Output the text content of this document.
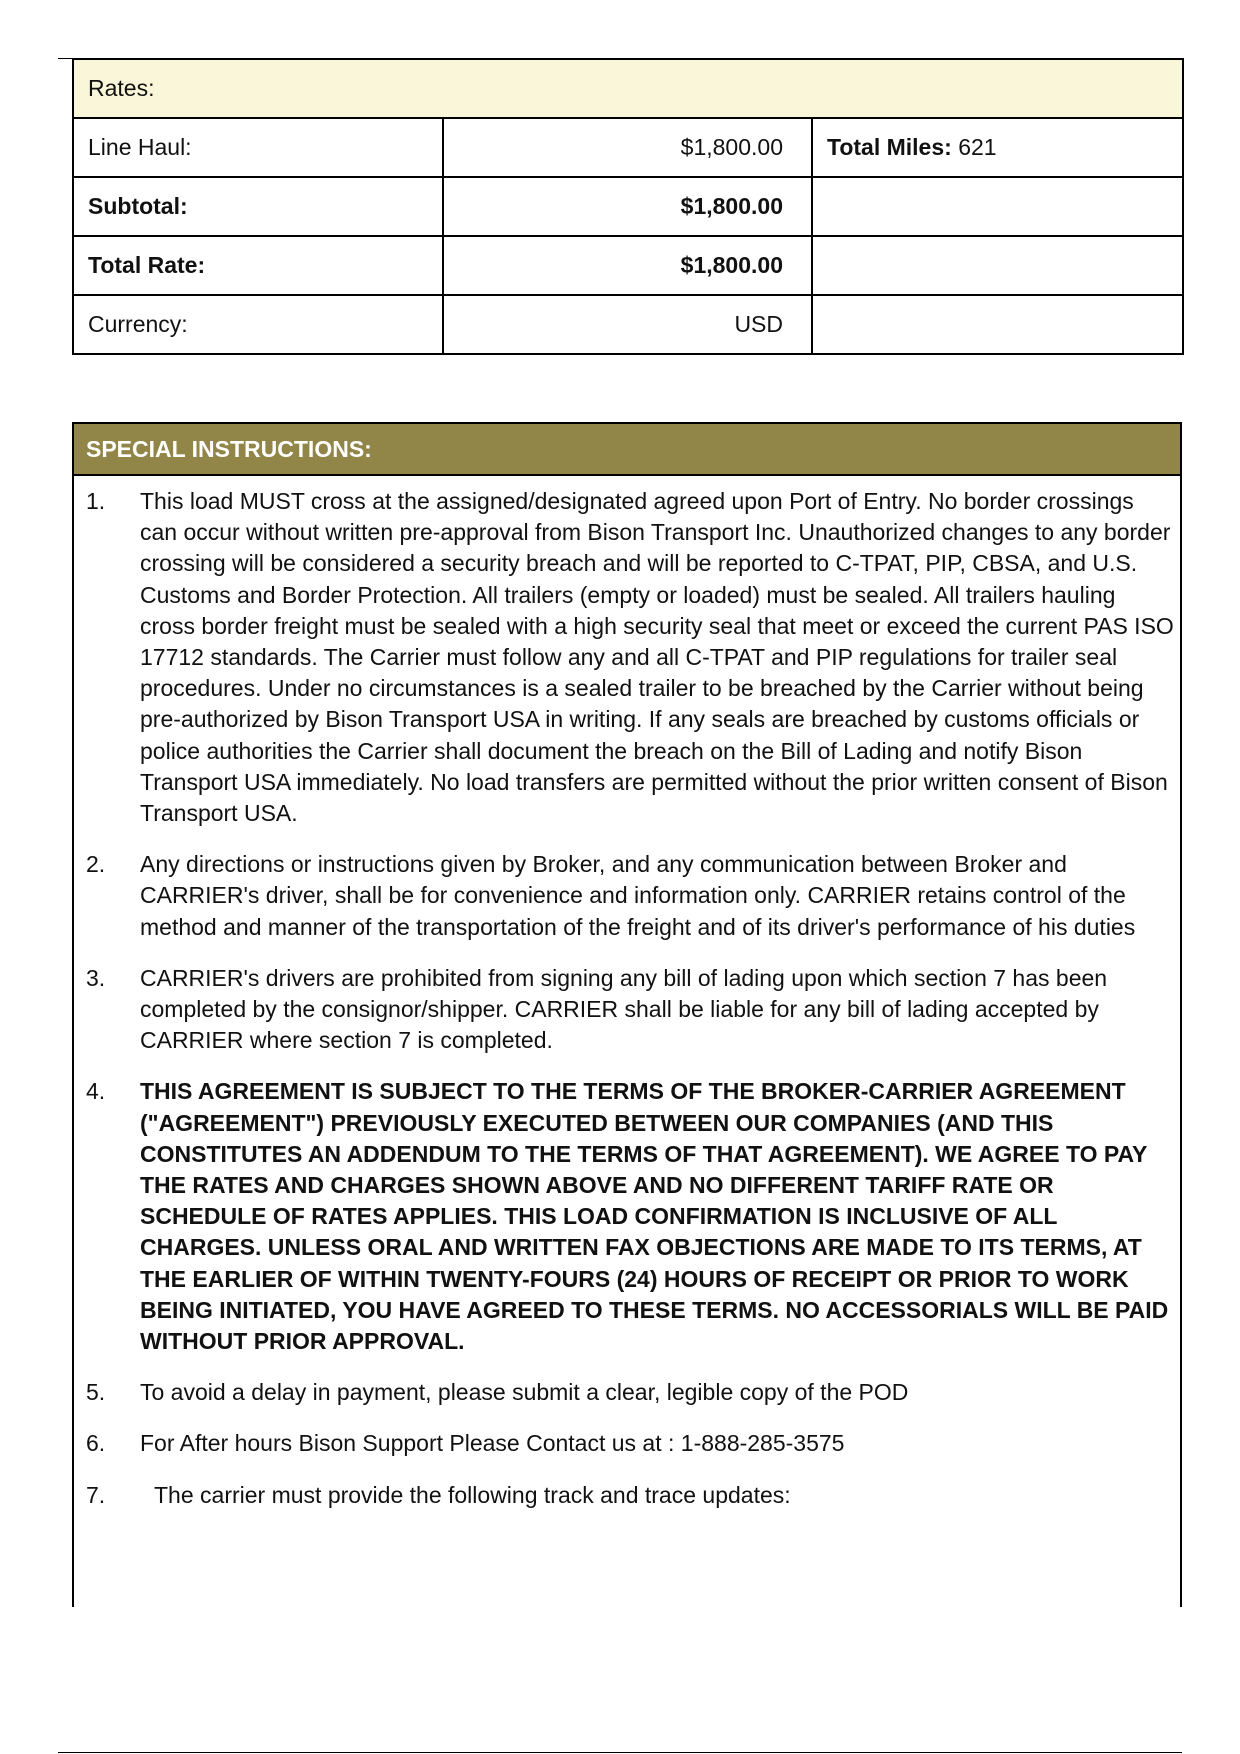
Rates:		
Line Haul:	$1,800.00	Total Miles: 621
Subtotal:	$1,800.00	
Total Rate:	$1,800.00	
Currency:	USD	
SPECIAL INSTRUCTIONS:
1. This load MUST cross at the assigned/designated agreed upon Port of Entry. No border crossings can occur without written pre-approval from Bison Transport Inc. Unauthorized changes to any border crossing will be considered a security breach and will be reported to C-TPAT, PIP, CBSA, and U.S. Customs and Border Protection. All trailers (empty or loaded) must be sealed. All trailers hauling cross border freight must be sealed with a high security seal that meet or exceed the current PAS ISO 17712 standards. The Carrier must follow any and all C-TPAT and PIP regulations for trailer seal procedures. Under no circumstances is a sealed trailer to be breached by the Carrier without being pre-authorized by Bison Transport USA in writing. If any seals are breached by customs officials or police authorities the Carrier shall document the breach on the Bill of Lading and notify Bison Transport USA immediately. No load transfers are permitted without the prior written consent of Bison Transport USA.
2. Any directions or instructions given by Broker, and any communication between Broker and CARRIER's driver, shall be for convenience and information only. CARRIER retains control of the method and manner of the transportation of the freight and of its driver's performance of his duties
3. CARRIER's drivers are prohibited from signing any bill of lading upon which section 7 has been completed by the consignor/shipper. CARRIER shall be liable for any bill of lading accepted by CARRIER where section 7 is completed.
4. THIS AGREEMENT IS SUBJECT TO THE TERMS OF THE BROKER-CARRIER AGREEMENT ("AGREEMENT") PREVIOUSLY EXECUTED BETWEEN OUR COMPANIES (AND THIS CONSTITUTES AN ADDENDUM TO THE TERMS OF THAT AGREEMENT). WE AGREE TO PAY THE RATES AND CHARGES SHOWN ABOVE AND NO DIFFERENT TARIFF RATE OR SCHEDULE OF RATES APPLIES. THIS LOAD CONFIRMATION IS INCLUSIVE OF ALL CHARGES. UNLESS ORAL AND WRITTEN FAX OBJECTIONS ARE MADE TO ITS TERMS, AT THE EARLIER OF WITHIN TWENTY-FOURS (24) HOURS OF RECEIPT OR PRIOR TO WORK BEING INITIATED, YOU HAVE AGREED TO THESE TERMS. NO ACCESSORIALS WILL BE PAID WITHOUT PRIOR APPROVAL.
5. To avoid a delay in payment, please submit a clear, legible copy of the POD
6. For After hours Bison Support Please Contact us at : 1-888-285-3575
7. The carrier must provide the following track and trace updates:
